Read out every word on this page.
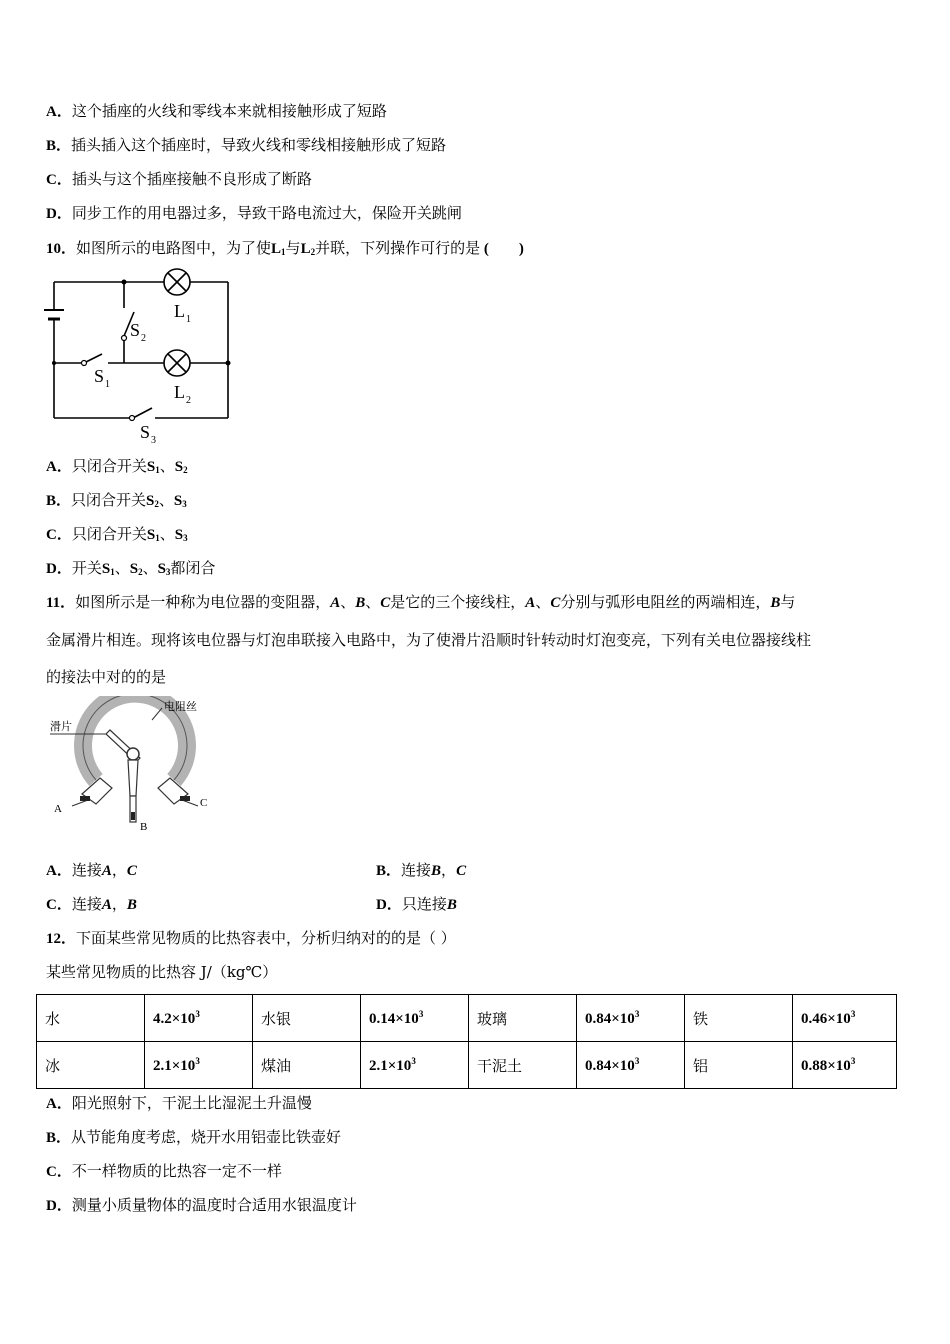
A．这个插座的火线和零线本来就相接触形成了短路
B．插头插入这个插座时，导致火线和零线相接触形成了短路
C．插头与这个插座接触不良形成了断路
D．同步工作的用电器过多，导致干路电流过大，保险开关跳闸
10．如图所示的电路图中，为了使$L_1$与$L_2$并联，下列操作可行的是 (　　)
L 1
L 2
S 2
S 1
S 3
A．只闭合开关$S_1$、$S_2$
B．只闭合开关$S_2$、$S_3$
C．只闭合开关$S_1$、$S_3$
D．开关$S_1$、$S_2$、$S_3$都闭合
11．如图所示是一种称为电位器的变阻器，A、B、C是它的三个接线柱，A、C分别与弧形电阻丝的两端相连，B与
金属滑片相连。现将该电位器与灯泡串联接入电路中，为了使滑片沿顺时针转动时灯泡变亮，下列有关电位器接线柱
的接法中对的的是
电阻丝
滑片
A
B
C
A．连接A，C	B．连接B，C
C．连接A，B	D．只连接B
12．下面某些常见物质的比热容表中，分析归纳对的的是（ ）
某些常见物质的比热容 J/（kg℃）
水	$4.2\times 10^3$	水银	$0.14\times 10^3$	玻璃	$0.84\times 10^3$	铁	$0.46\times 10^3$
冰	$2.1\times 10^3$	煤油	$2.1\times 10^3$	干泥土	$0.84\times 10^3$	铝	$0.88\times 10^3$
A．阳光照射下，干泥土比湿泥土升温慢
B．从节能角度考虑，烧开水用铝壶比铁壶好
C．不一样物质的比热容一定不一样
D．测量小质量物体的温度时合适用水银温度计
